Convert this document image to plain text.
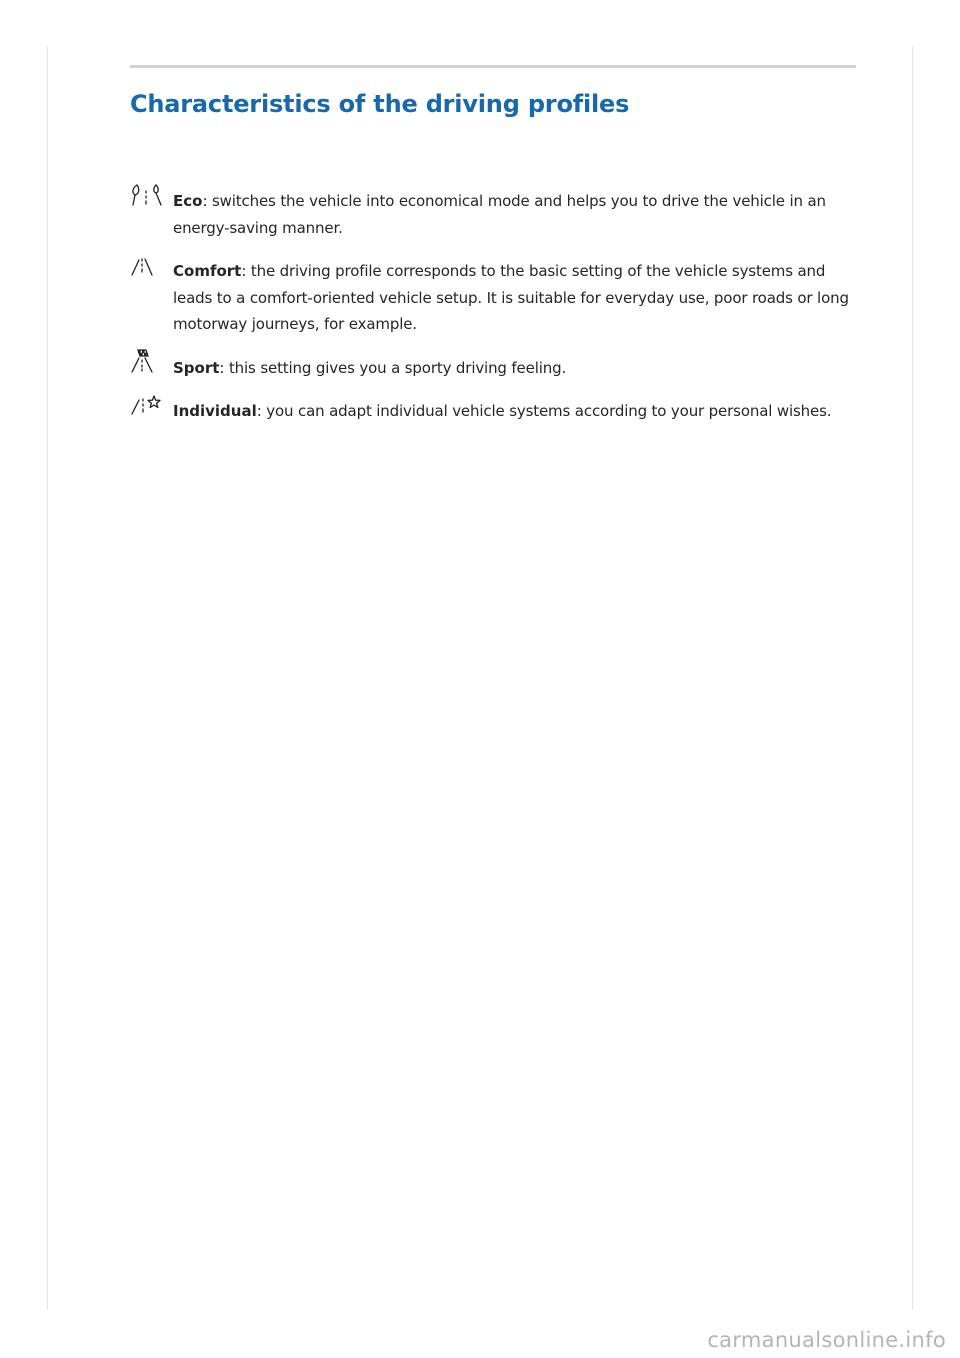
Characteristics of the driving profiles
Eco: switches the vehicle into economical mode and helps you to drive the vehicle in an energy-saving manner.
Comfort: the driving profile corresponds to the basic setting of the vehicle systems and leads to a comfort-oriented vehicle setup. It is suitable for everyday use, poor roads or long motorway journeys, for example.
Sport: this setting gives you a sporty driving feeling.
Individual: you can adapt individual vehicle systems according to your personal wishes.
carmanualsonline.info
